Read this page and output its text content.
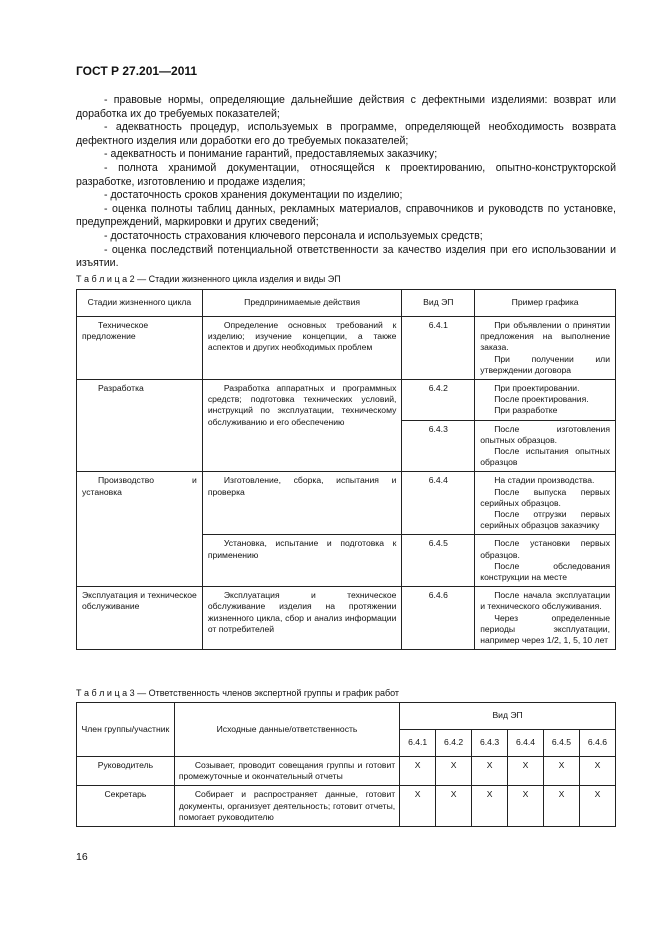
ГОСТ Р 27.201—2011

- правовые нормы, определяющие дальнейшие действия с дефектными изделиями: возврат или доработка их до требуемых показателей;

- адекватность процедур, используемых в программе, определяющей необходимость возврата дефектного изделия или доработки его до требуемых показателей;

- адекватность и понимание гарантий, предоставляемых заказчику;

- полнота хранимой документации, относящейся к проектированию, опытно-конструкторской разработке, изготовлению и продаже изделия;

- достаточность сроков хранения документации по изделию;

- оценка полноты таблиц данных, рекламных материалов, справочников и руководств по установке, предупреждений, маркировки и других сведений;

- достаточность страхования ключевого персонала и используемых средств;

- оценка последствий потенциальной ответственности за качество изделия при его использовании и изъятии.

Т а б л и ц а 2 — Стадии жизненного цикла изделия и виды ЭП
Стадии жизненного цикла	Предпринимаемые действия	Вид ЭП	Пример графика
Техническое предложение	Определение основных требований к изделию; изучение концепции, а также аспектов и других необходимых проблем	6.4.1	При объявлении о принятии предложения на выполнение заказа.

При получении или утверждении договора

Разработка	Разработка аппаратных и программных средств; подготовка технических условий, инструкций по эксплуатации, техническому обслуживанию и его обеспечению	6.4.2	При проектировании.

После проектирования.

При разработке

		6.4.3	После изготовления опытных образцов.

После испытания опытных образцов

Производство и установка	Изготовление, сборка, испытания и проверка	6.4.4	На стадии производства.

После выпуска первых серийных образцов.

После отгрузки первых серийных образцов заказчику

	Установка, испытание и подготовка к применению	6.4.5	После установки первых образцов.

После обследования конструкции на месте

Эксплуатация и техническое обслуживание	Эксплуатация и техническое обслуживание изделия на протяжении жизненного цикла, сбор и анализ информации от потребителей	6.4.6	После начала эксплуатации и технического обслуживания.

Через определенные периоды эксплуатации, например через 1/2, 1, 5, 10 лет

Т а б л и ц а 3 — Ответственность членов экспертной группы и график работ
Член группы/участник	Исходные данные/ответственность	Вид ЭП					
		6.4.1	6.4.2	6.4.3	6.4.4	6.4.5	6.4.6
Руководитель	Созывает, проводит совещания группы и готовит промежуточные и окончательный отчеты	X	X	X	X	X	X
Секретарь	Собирает и распространяет данные, готовит документы, организует деятельность; готовит отчеты, помогает руководителю	X	X	X	X	X	X
16
